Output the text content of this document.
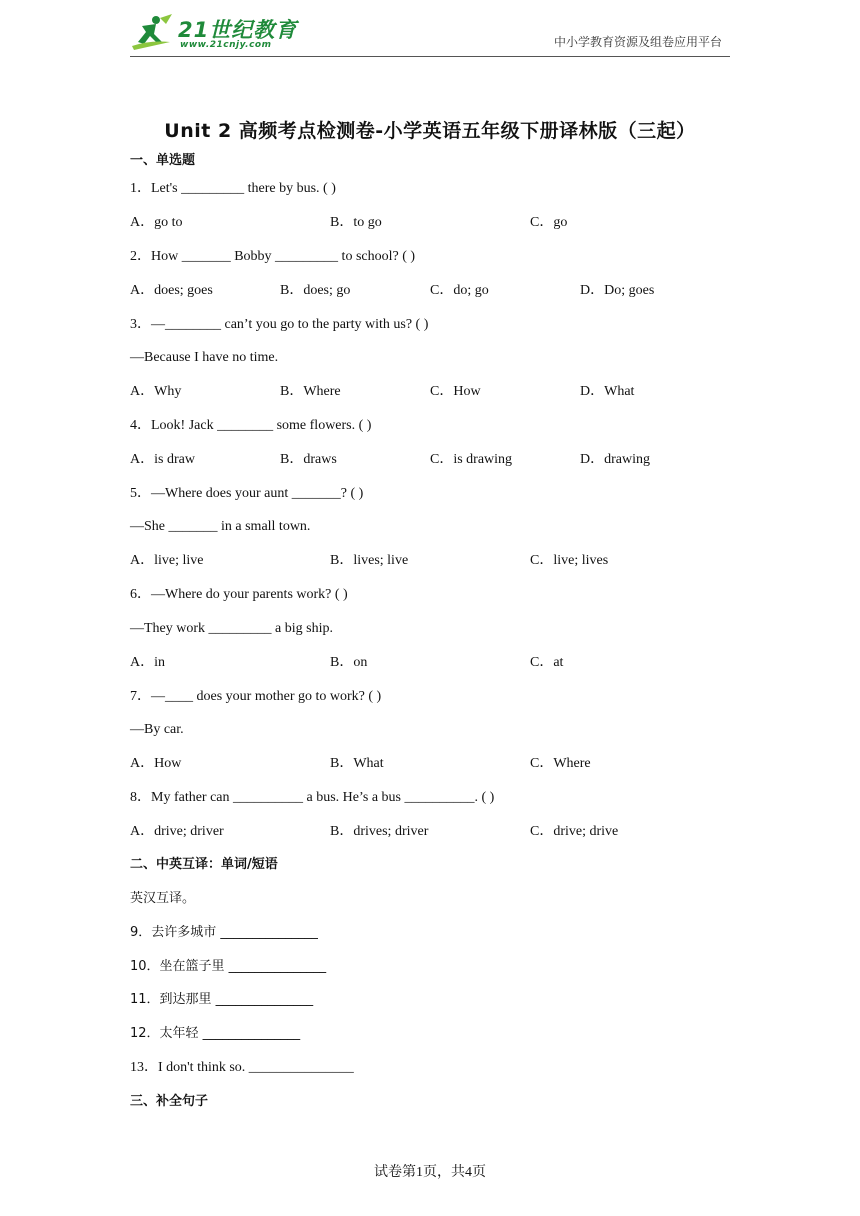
21世纪教育
www.21cnjy.com	中小学教育资源及组卷应用平台
Unit 2 高频考点检测卷-小学英语五年级下册译林版（三起）
一、单选题
1．Let's _________ there by bus. ( )
A．go to	B．to go	C．go
2．How _______ Bobby _________ to school? ( )
A．does; goes	B．does; go	C．do; go	D．Do; goes
3．—________ can’t you go to the party with us? ( )
—Because I have no time.
A．Why	B．Where	C．How	D．What
4．Look! Jack ________ some flowers. ( )
A．is draw	B．draws	C．is drawing	D．drawing
5．—Where does your aunt _______? ( )
—She _______ in a small town.
A．live; live	B．lives; live	C．live; lives
6．—Where do your parents work? ( )
—They work _________ a big ship.
A．in	B．on	C．at
7．—____ does your mother go to work? ( )
—By car.
A．How	B．What	C．Where
8．My father can __________ a bus. He’s a bus __________. ( )
A．drive; driver	B．drives; driver	C．drive; drive
二、中英互译：单词/短语
英汉互译。
9．去许多城市 _______________
10．坐在篮子里 _______________
11．到达那里 _______________
12．太年轻 _______________
13．I don't think so. _______________
三、补全句子
试卷第1页，共4页
